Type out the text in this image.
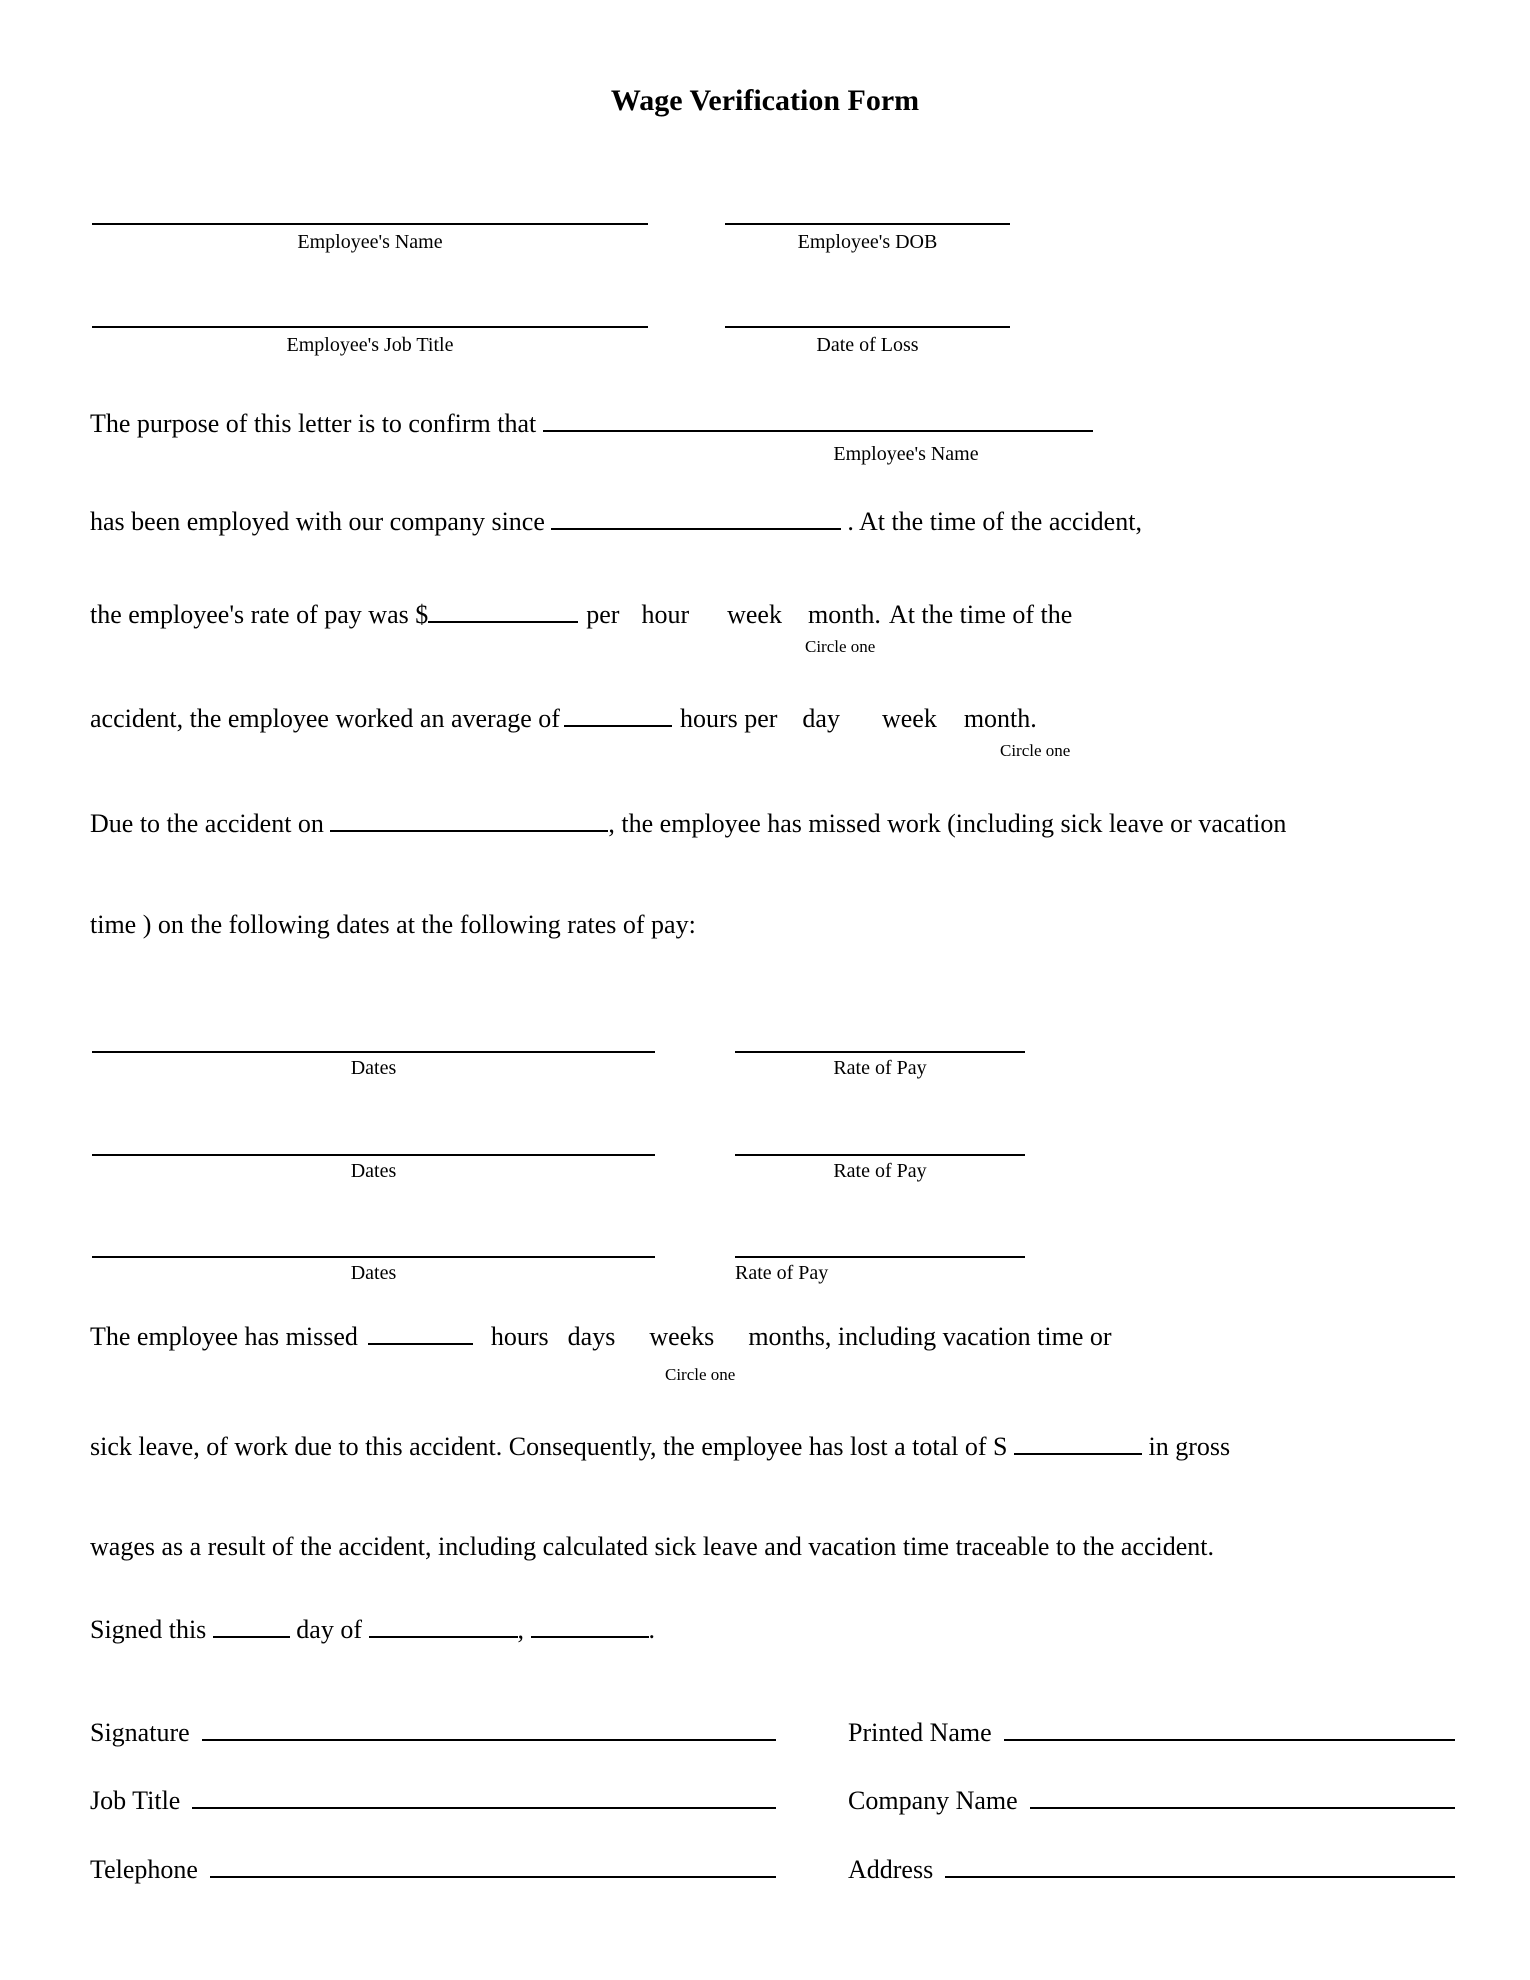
Wage Verification Form
Employee's Name	Employee's DOB
Employee's Job Title	Date of Loss
The purpose of this letter is to confirm that
Employee's Name
has been employed with our company since	. At the time of the accident,
the employee's rate of pay was $	per hour week month. At the time of the
Circle one
accident, the employee worked an average of	hours per day week month.
Circle one
Due to the accident on	, the employee has missed work (including sick leave or vacation
time ) on the following dates at the following rates of pay:
Dates	Rate of Pay
Dates	Rate of Pay
Dates	Rate of Pay
The employee has missed	hours days weeks months, including vacation time or
Circle one
sick leave, of work due to this accident. Consequently, the employee has lost a total of S	in gross
wages as a result of the accident, including calculated sick leave and vacation time traceable to the accident.
Signed this	day of	,	.
Signature	Printed Name
Job Title	Company Name
Telephone	Address
